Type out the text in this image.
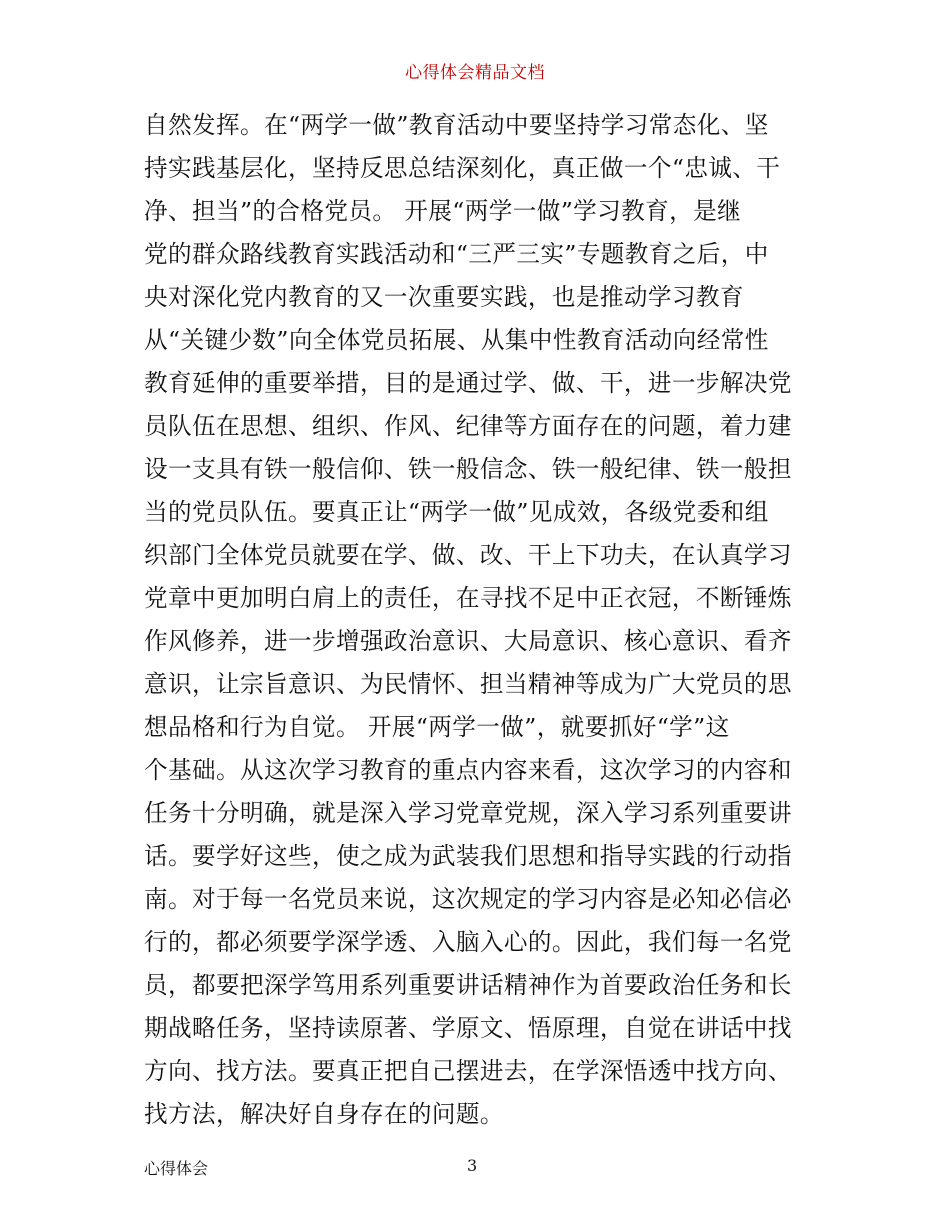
心得体会精品文档
自然发挥。在“两学一做”教育活动中要坚持学习常态化、坚
持实践基层化，坚持反思总结深刻化，真正做一个“忠诚、干
净、担当”的合格党员。 开展“两学一做”学习教育，是继
党的群众路线教育实践活动和“三严三实”专题教育之后，中
央对深化党内教育的又一次重要实践，也是推动学习教育
从“关键少数”向全体党员拓展、从集中性教育活动向经常性
教育延伸的重要举措，目的是通过学、做、干，进一步解决党
员队伍在思想、组织、作风、纪律等方面存在的问题，着力建
设一支具有铁一般信仰、铁一般信念、铁一般纪律、铁一般担
当的党员队伍。要真正让“两学一做”见成效，各级党委和组
织部门全体党员就要在学、做、改、干上下功夫，在认真学习
党章中更加明白肩上的责任，在寻找不足中正衣冠，不断锤炼
作风修养，进一步增强政治意识、大局意识、核心意识、看齐
意识，让宗旨意识、为民情怀、担当精神等成为广大党员的思
想品格和行为自觉。 开展“两学一做”，就要抓好“学”这
个基础。从这次学习教育的重点内容来看，这次学习的内容和
任务十分明确，就是深入学习党章党规，深入学习系列重要讲
话。要学好这些，使之成为武装我们思想和指导实践的行动指
南。对于每一名党员来说，这次规定的学习内容是必知必信必
行的，都必须要学深学透、入脑入心的。因此，我们每一名党
员，都要把深学笃用系列重要讲话精神作为首要政治任务和长
期战略任务，坚持读原著、学原文、悟原理，自觉在讲话中找
方向、找方法。要真正把自己摆进去，在学深悟透中找方向、
找方法，解决好自身存在的问题。
心得体会	3
